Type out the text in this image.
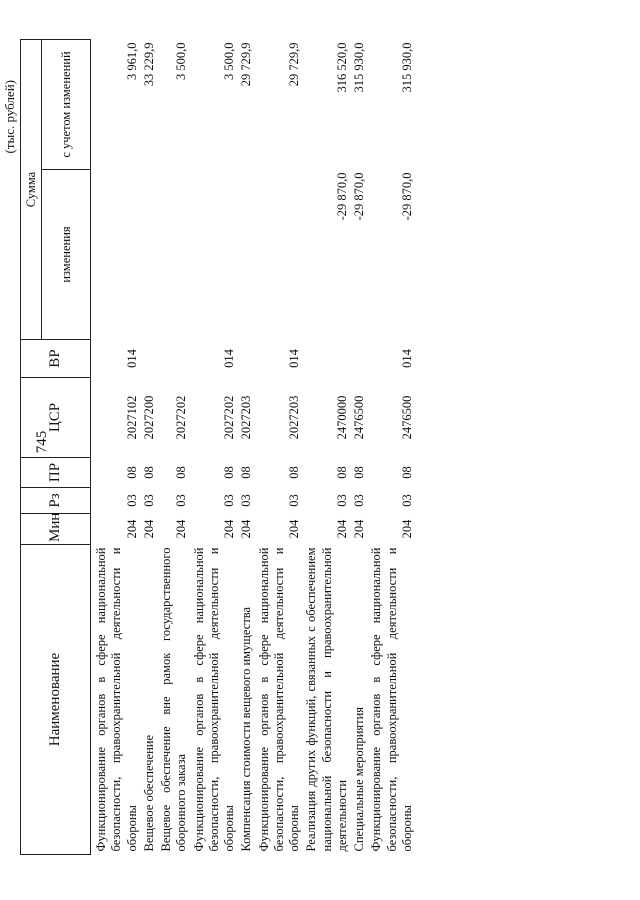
(тыс. рублей)
Наименование	Мин	Рз	ПР	ЦСР	ВР	Сумма	
						изменения	с учетом изменений
Функционирование органов в сфере национальной безопасности, правоохранительной деятельности и обороны	204	03	08	2027102	014		3 961,0
Вещевое обеспечение	204	03	08	2027200			33 229,9
Вещевое обеспечение вне рамок государственного оборонного заказа	204	03	08	2027202			3 500,0
Функционирование органов в сфере национальной безопасности, правоохранительной деятельности и обороны	204	03	08	2027202	014		3 500,0
Компенсация стоимости вещевого имущества	204	03	08	2027203			29 729,9
Функционирование органов в сфере национальной безопасности, правоохранительной деятельности и обороны	204	03	08	2027203	014		29 729,9
Реализация других функций, связанных с обеспечением национальной безопасности и правоохранительной деятельности	204	03	08	2470000		-29 870,0	316 520,0
Специальные мероприятия	204	03	08	2476500		-29 870,0	315 930,0
Функционирование органов в сфере национальной безопасности, правоохранительной деятельности и обороны	204	03	08	2476500	014	-29 870,0	315 930,0
745
